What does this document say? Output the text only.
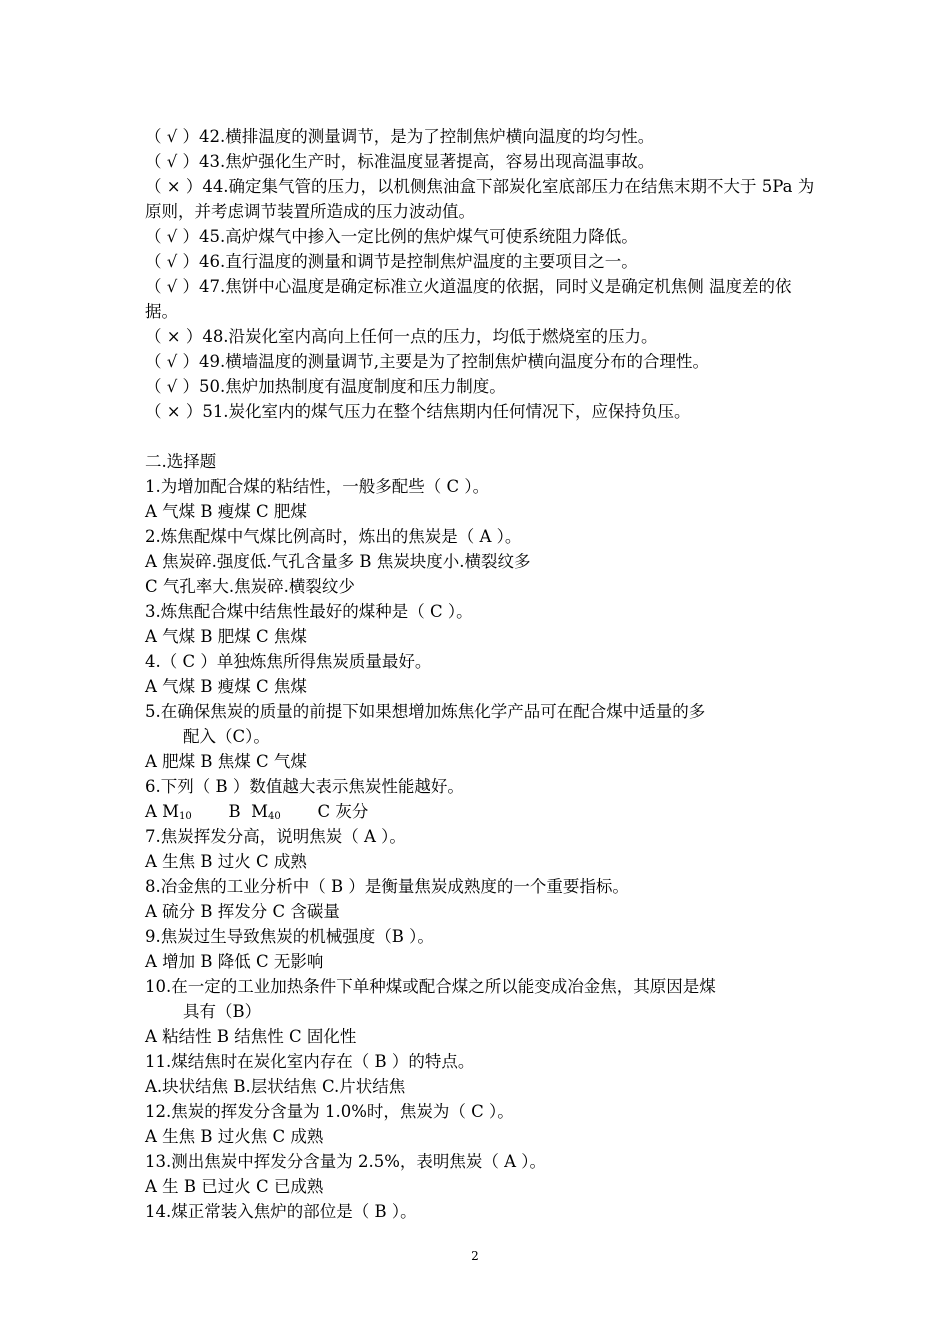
（ √ ）42.横排温度的测量调节，是为了控制焦炉横向温度的均匀性。
（ √ ）43.焦炉强化生产时，标准温度显著提高，容易出现高温事故。
（ × ）44.确定集气管的压力，以机侧焦油盒下部炭化室底部压力在结焦末期不大于 5Pa 为原则，并考虑调节装置所造成的压力波动值。
（ √ ）45.高炉煤气中掺入一定比例的焦炉煤气可使系统阻力降低。
（ √ ）46.直行温度的测量和调节是控制焦炉温度的主要项目之一。
（ √ ）47.焦饼中心温度是确定标准立火道温度的依据，同时义是确定机焦侧 温度差的依据。
（ × ）48.沿炭化室内高向上任何一点的压力，均低于燃烧室的压力。
（ √ ）49.横墙温度的测量调节,主要是为了控制焦炉横向温度分布的合理性。
（ √ ）50.焦炉加热制度有温度制度和压力制度。
（ × ）51.炭化室内的煤气压力在整个结焦期内任何情况下，应保持负压。
二.选择题
1.为增加配合煤的粘结性，一般多配些（ C ）。
A 气煤 B 瘦煤 C 肥煤
2.炼焦配煤中气煤比例高时，炼出的焦炭是（ A ）。
A 焦炭碎.强度低.气孔含量多 B 焦炭块度小.横裂纹多
C 气孔率大.焦炭碎.横裂纹少
3.炼焦配合煤中结焦性最好的煤种是（ C ）。
A 气煤 B 肥煤 C 焦煤
4.（ C ）单独炼焦所得焦炭质量最好。
A 气煤 B 瘦煤 C 焦煤
5.在确保焦炭的质量的前提下如果想增加炼焦化学产品可在配合煤中适量的多
配入（C）。
A 肥煤 B 焦煤 C 气煤
6.下列（ B ）数值越大表示焦炭性能越好。
A $M_{10}$       B  $M_{40}$       C 灰分
7.焦炭挥发分高，说明焦炭（ A ）。
A 生焦 B 过火 C 成熟
8.冶金焦的工业分析中（ B ）是衡量焦炭成熟度的一个重要指标。
A 硫分 B 挥发分 C 含碳量
9.焦炭过生导致焦炭的机械强度（B ）。
A 增加 B 降低 C 无影响
10.在一定的工业加热条件下单种煤或配合煤之所以能变成冶金焦，其原因是煤
具有（B）
A 粘结性 B 结焦性 C 固化性
11.煤结焦时在炭化室内存在（ B ）的特点。
A.块状结焦 B.层状结焦 C.片状结焦
12.焦炭的挥发分含量为 1.0%时，焦炭为（ C ）。
A 生焦 B 过火焦 C 成熟
13.测出焦炭中挥发分含量为 2.5%，表明焦炭（ A ）。
A 生 B 已过火 C 已成熟
14.煤正常装入焦炉的部位是（ B ）。
2
